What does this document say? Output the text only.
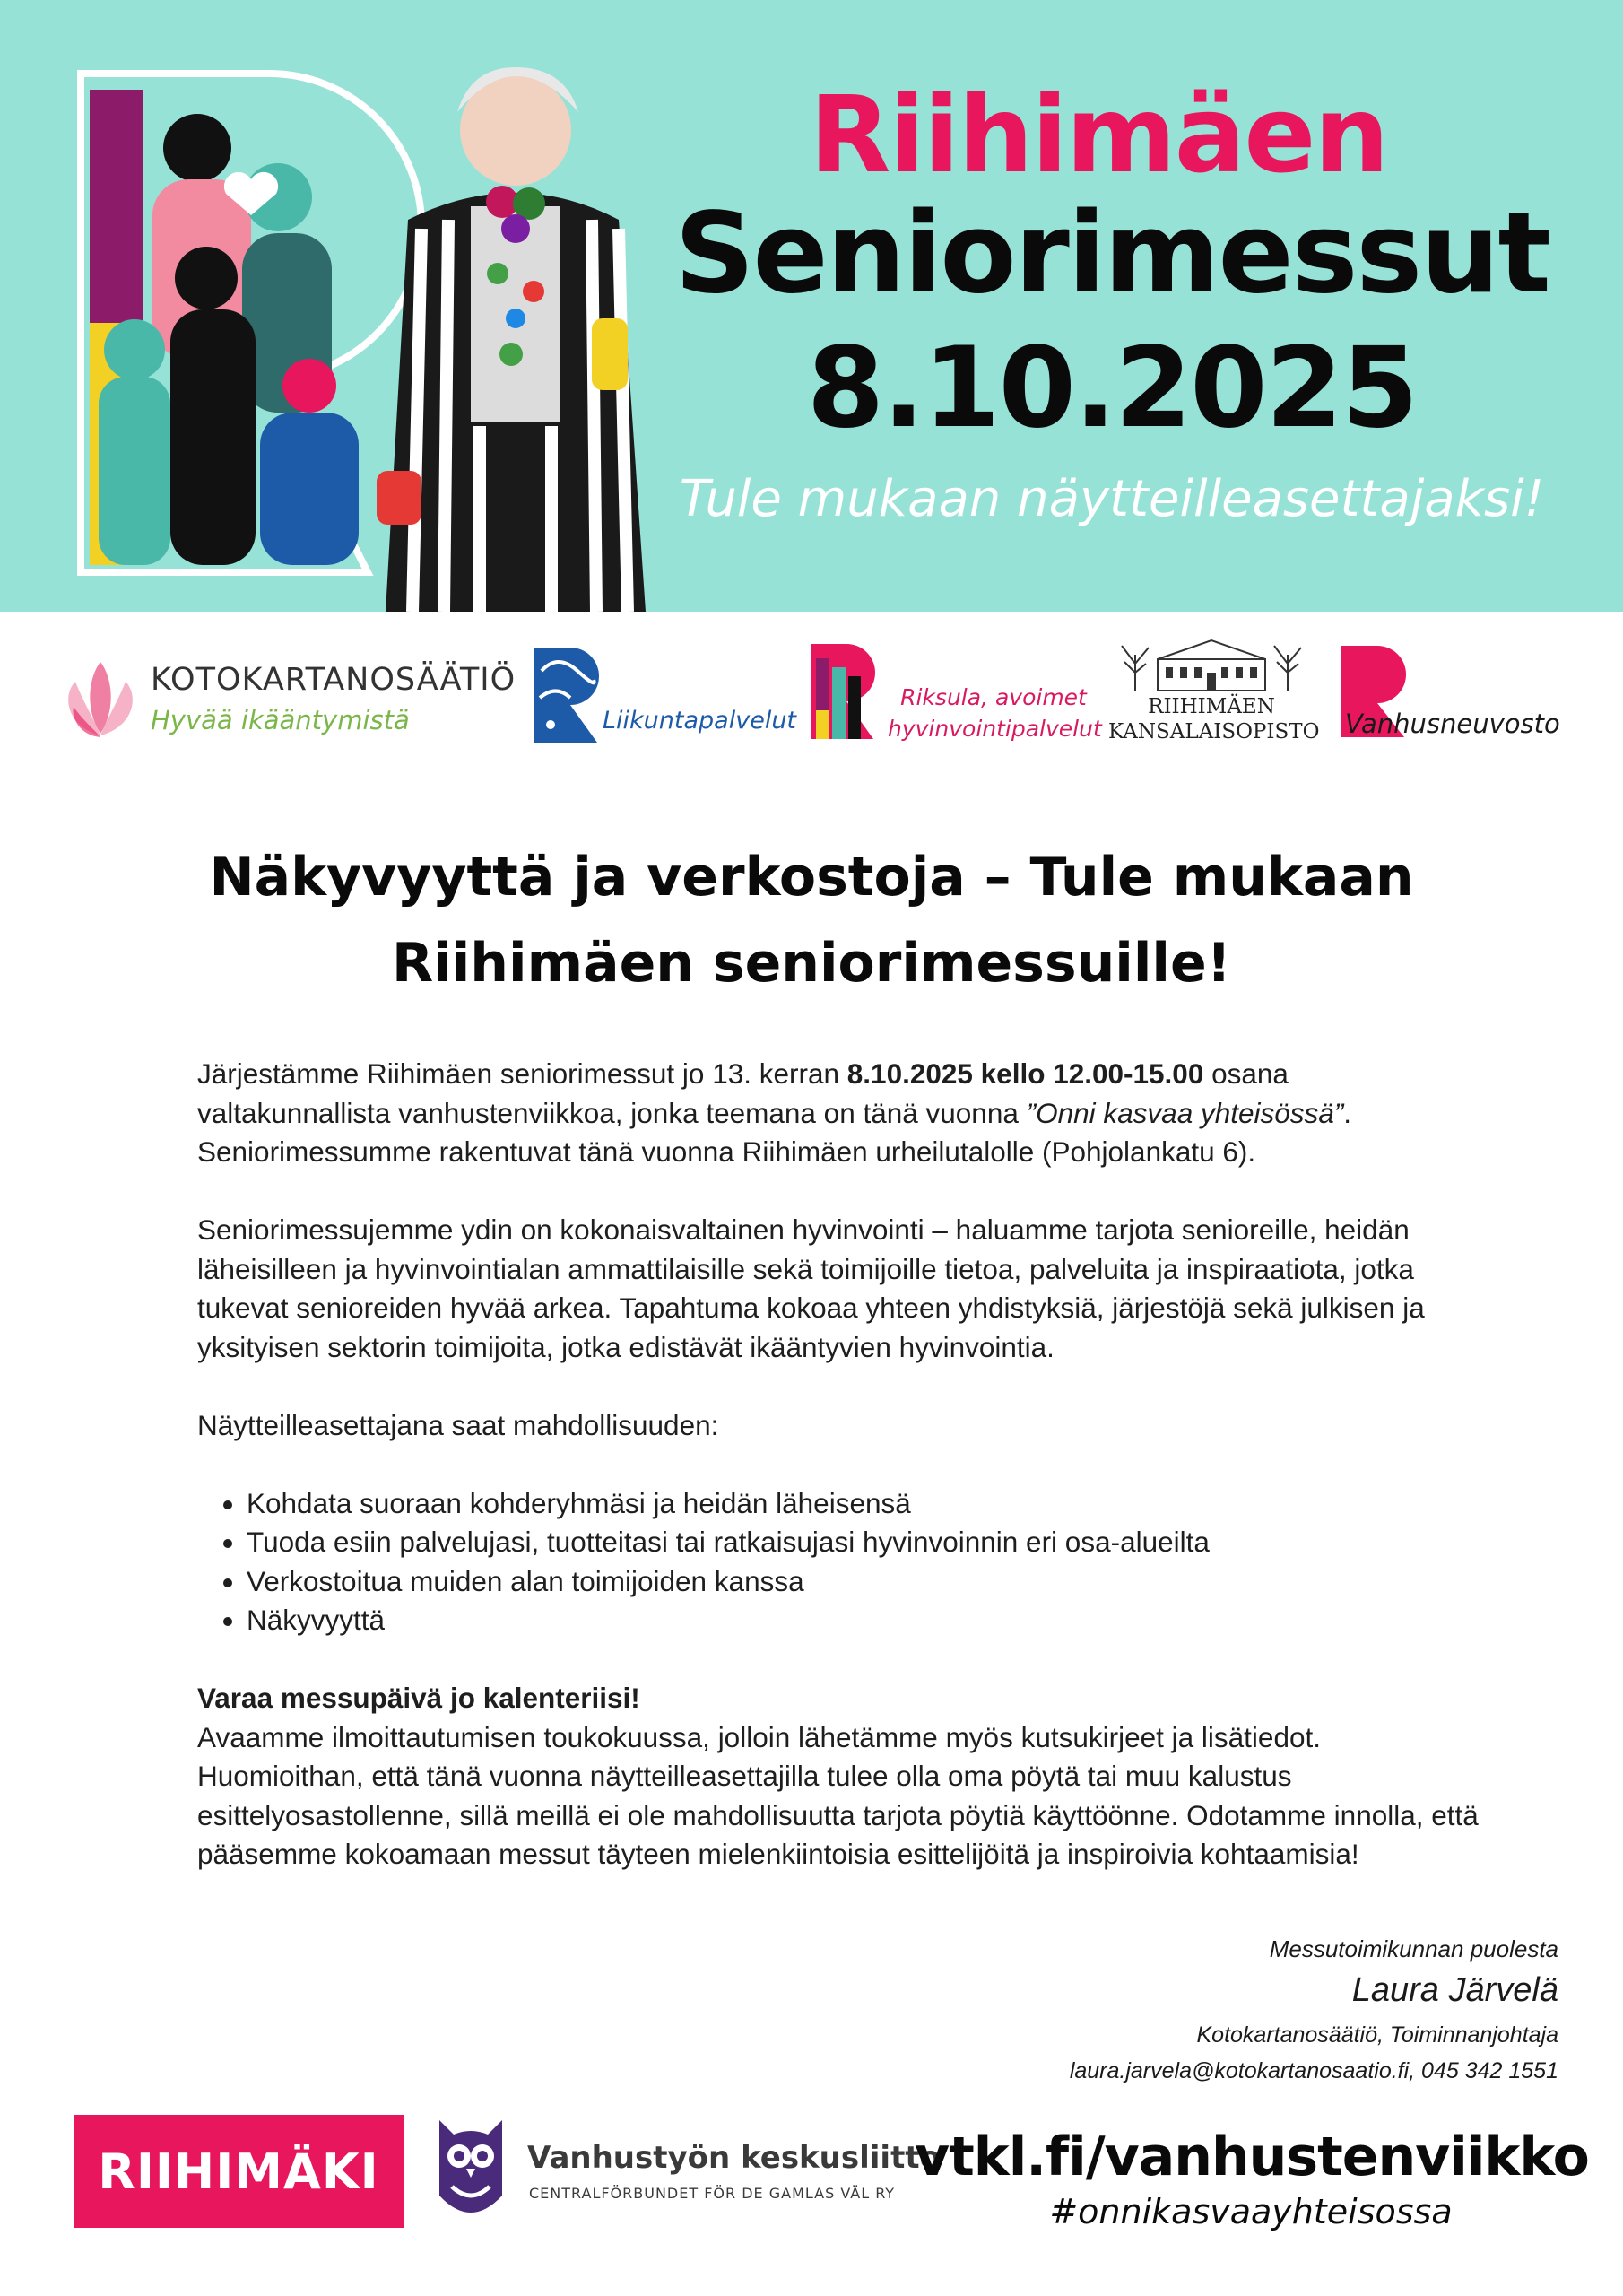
Riihimäen
Seniorimessut
8.10.2025
Tule mukaan näytteilleasettajaksi!
KOTOKARTANOSÄÄTIÖ
Hyvää ikääntymistä	Liikuntapalvelut
Riksula, avoimet
hyvinvointipalvelut
RIIHIMÄEN
KANSALAISOPISTO Vanhusneuvosto
Näkyvyyttä ja verkostoja – Tule mukaan
Riihimäen seniorimessuille!

Järjestämme Riihimäen seniorimessut jo 13. kerran 8.10.2025 kello 12.00-15.00 osana valtakunnallista vanhustenviikkoa, jonka teemana on tänä vuonna ”Onni kasvaa yhteisössä”. Seniorimessumme rakentuvat tänä vuonna Riihimäen urheilutalolle (Pohjolankatu 6).

Seniorimessujemme ydin on kokonaisvaltainen hyvinvointi – haluamme tarjota senioreille, heidän läheisilleen ja hyvinvointialan ammattilaisille sekä toimijoille tietoa, palveluita ja inspiraatiota, jotka tukevat senioreiden hyvää arkea. Tapahtuma kokoaa yhteen yhdistyksiä, järjestöjä sekä julkisen ja yksityisen sektorin toimijoita, jotka edistävät ikääntyvien hyvinvointia.

Näytteilleasettajana saat mahdollisuuden:

• Kohdata suoraan kohderyhmäsi ja heidän läheisensä
• Tuoda esiin palvelujasi, tuotteitasi tai ratkaisujasi hyvinvoinnin eri osa-alueilta
• Verkostoitua muiden alan toimijoiden kanssa
• Näkyvyyttä

Varaa messupäivä jo kalenteriisi!

Avaamme ilmoittautumisen toukokuussa, jolloin lähetämme myös kutsukirjeet ja lisätiedot. Huomioithan, että tänä vuonna näytteilleasettajilla tulee olla oma pöytä tai muu kalustus esittelyosastollenne, sillä meillä ei ole mahdollisuutta tarjota pöytiä käyttöönne. Odotamme innolla, että pääsemme kokoamaan messut täyteen mielenkiintoisia esittelijöitä ja inspiroivia kohtaamisia!

Messutoimikunnan puolesta
Laura Järvelä
Kotokartanosäätiö, Toiminnanjohtaja
laura.jarvela@kotokartanosaatio.fi, 045 342 1551
RIIHIMÄKI	Vanhustyön keskusliitto
CENTRALFÖRBUNDET FÖR DE GAMLAS VÄL RY
vtkl.fi/vanhustenviikko
#onnikasvaayhteisossa
